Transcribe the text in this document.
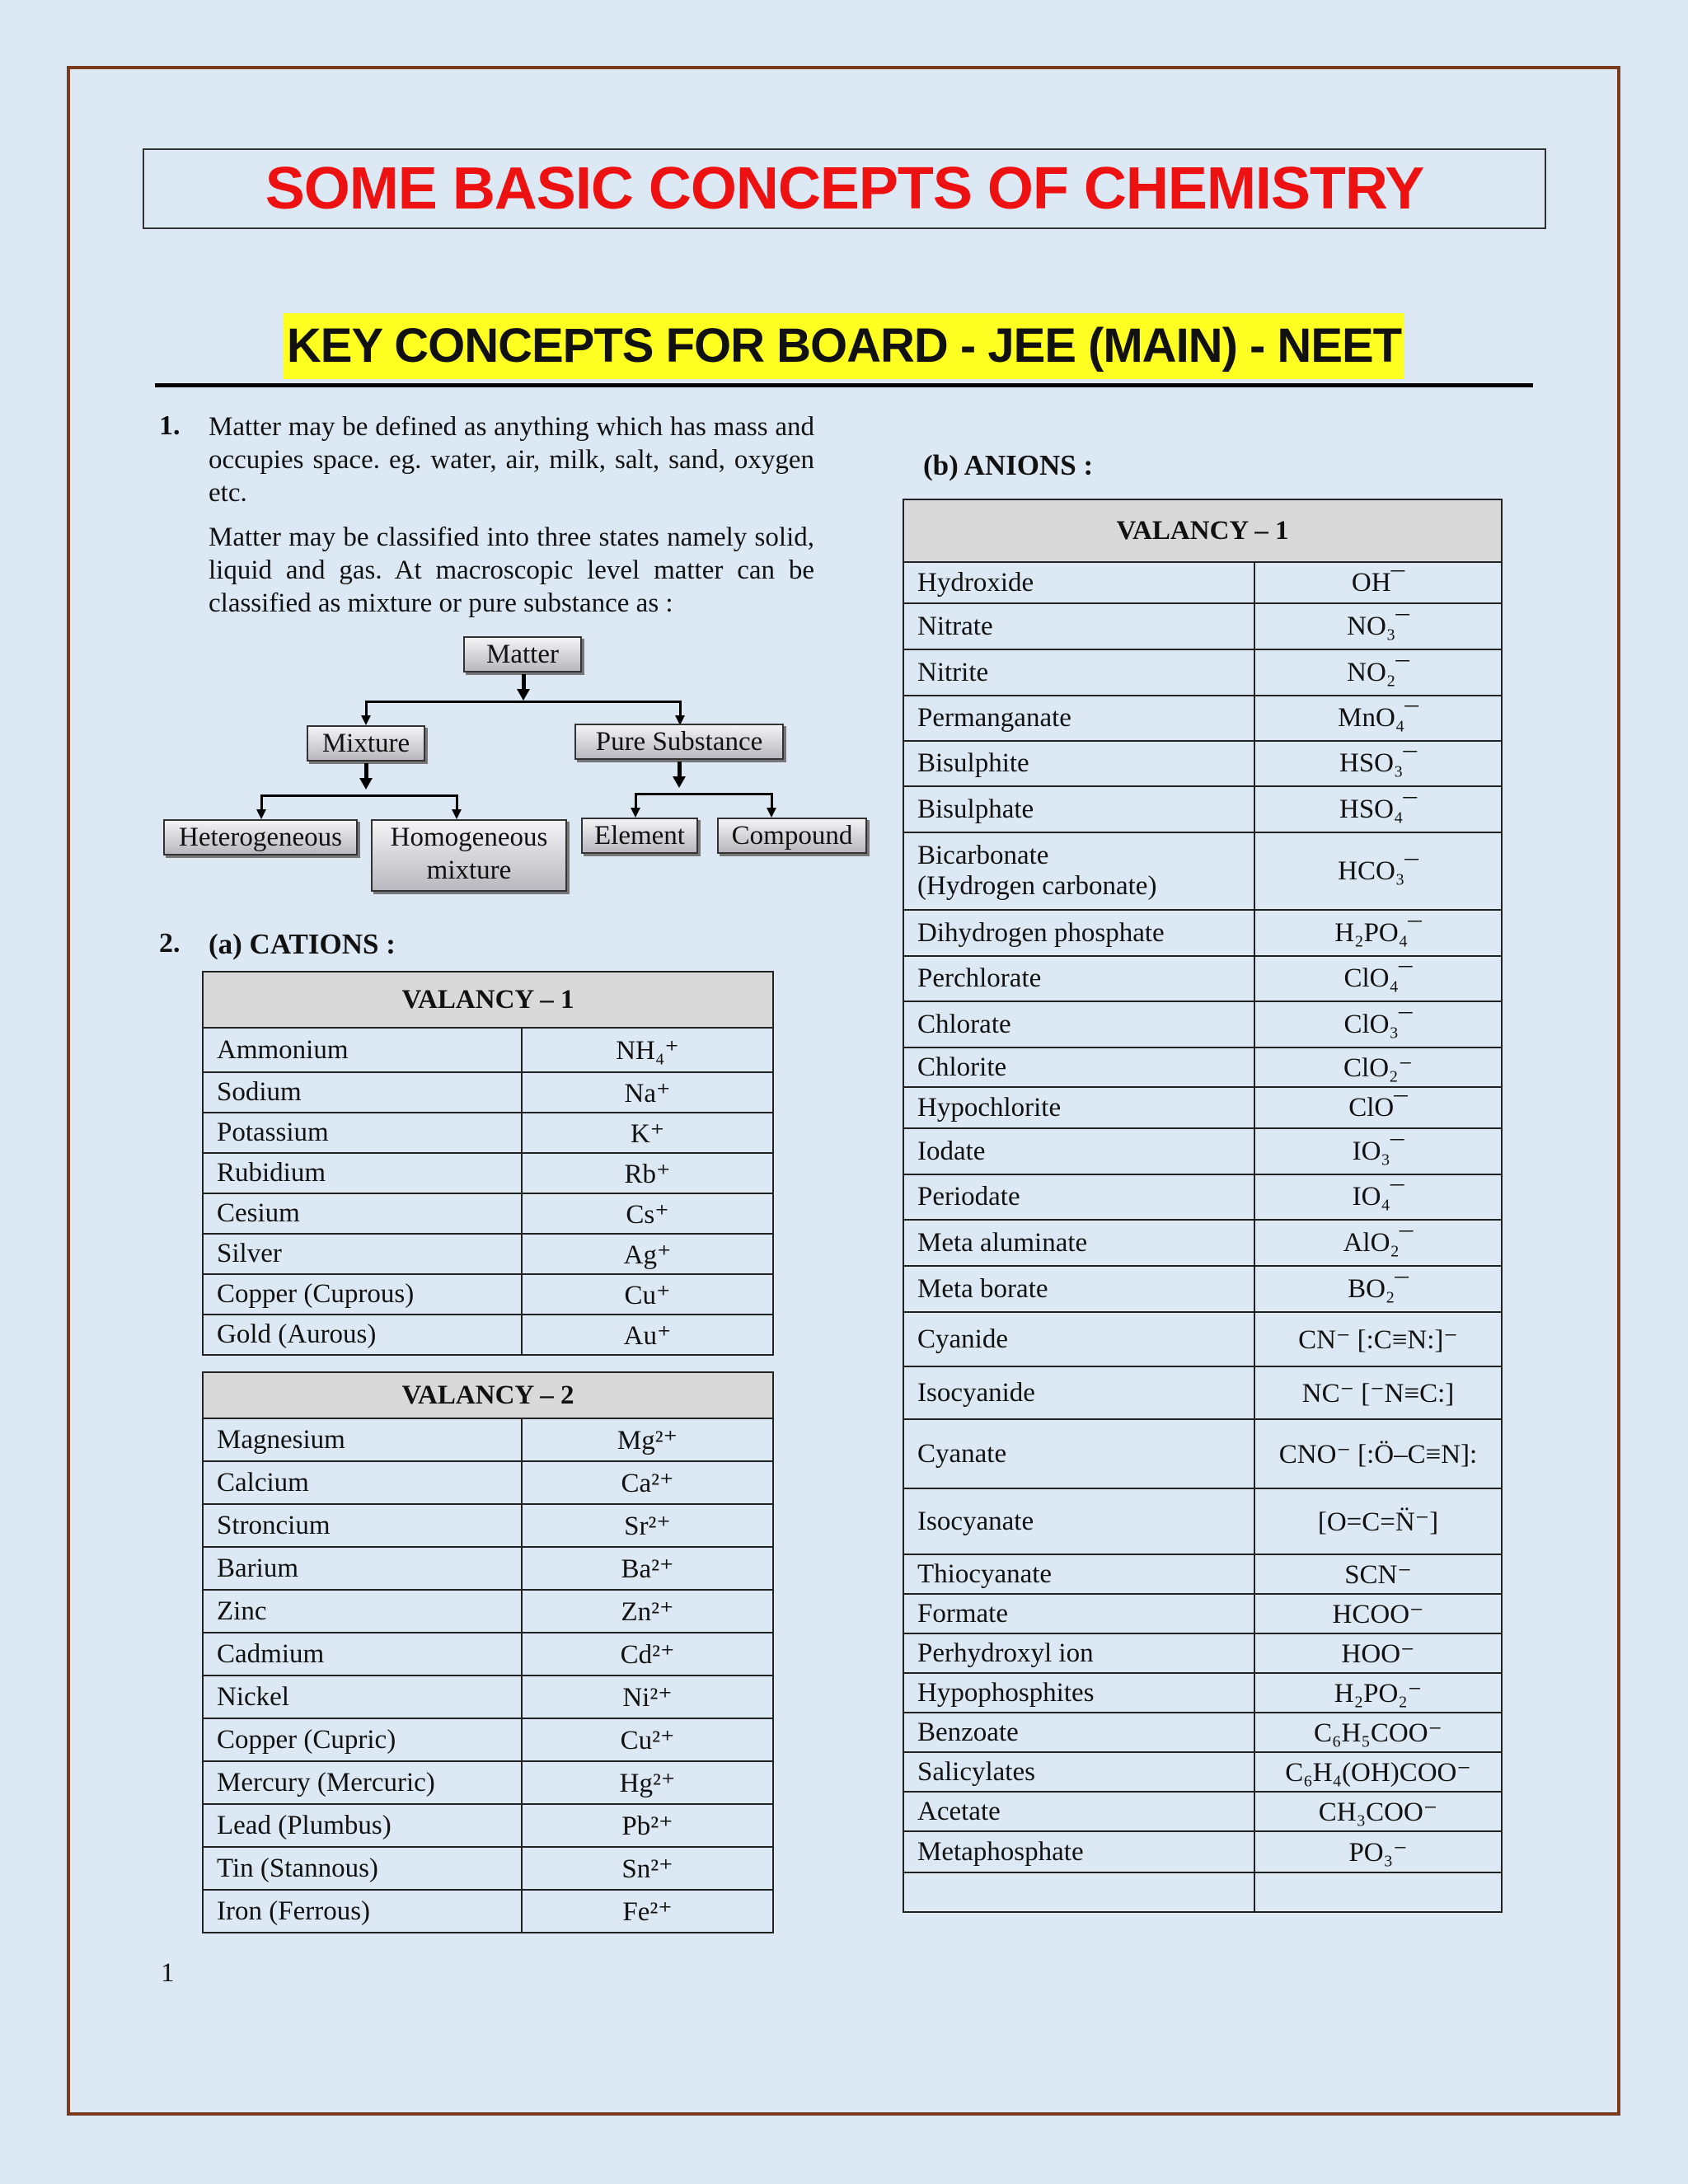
SOME BASIC CONCEPTS OF CHEMISTRY
KEY CONCEPTS FOR BOARD - JEE (MAIN) - NEET
1. Matter may be defined as anything which has mass and occupies space. eg. water, air, milk, salt, sand, oxygen etc.
Matter may be classified into three states namely solid, liquid and gas. At macroscopic level matter can be classified as mixture or pure substance as :
Matter
Mixture	Pure Substance
Heterogeneous	Homogeneous
mixture
Element	Compound
2. (a) CATIONS :
(b) ANIONS :
VALANCY – 1	
Ammonium	NH₄⁺
Sodium	Na⁺
Potassium	K⁺
Rubidium	Rb⁺
Cesium	Cs⁺
Silver	Ag⁺
Copper (Cuprous)	Cu⁺
Gold (Aurous)	Au⁺
VALANCY – 2	
Magnesium	Mg²⁺
Calcium	Ca²⁺
Stroncium	Sr²⁺
Barium	Ba²⁺
Zinc	Zn²⁺
Cadmium	Cd²⁺
Nickel	Ni²⁺
Copper (Cupric)	Cu²⁺
Mercury (Mercuric)	Hg²⁺
Lead (Plumbus)	Pb²⁺
Tin (Stannous)	Sn²⁺
Iron (Ferrous)	Fe²⁺
VALANCY – 1	
Hydroxide	OH¯
Nitrate	NO₃¯
Nitrite	NO₂¯
Permanganate	MnO₄¯
Bisulphite	HSO₃¯
Bisulphate	HSO₄¯
Bicarbonate
(Hydrogen carbonate)	HCO₃¯
Dihydrogen phosphate	H₂PO₄¯
Perchlorate	ClO₄¯
Chlorate	ClO₃¯
Chlorite	ClO₂⁻
Hypochlorite	ClO¯
Iodate	IO₃¯
Periodate	IO₄¯
Meta aluminate	AlO₂¯
Meta borate	BO₂¯
Cyanide	CN⁻ [:C≡N:]⁻
Isocyanide	NC⁻ [⁻N≡C:]
Cyanate	CNO⁻ [:Ö–C≡N]:
Isocyanate	[O=C=N̈⁻]
Thiocyanate	SCN⁻
Formate	HCOO⁻
Perhydroxyl ion	HOO⁻
Hypophosphites	H₂PO₂⁻
Benzoate	C₆H₅COO⁻
Salicylates	C₆H₄(OH)COO⁻
Acetate	CH₃COO⁻
Metaphosphate	PO₃⁻

1
